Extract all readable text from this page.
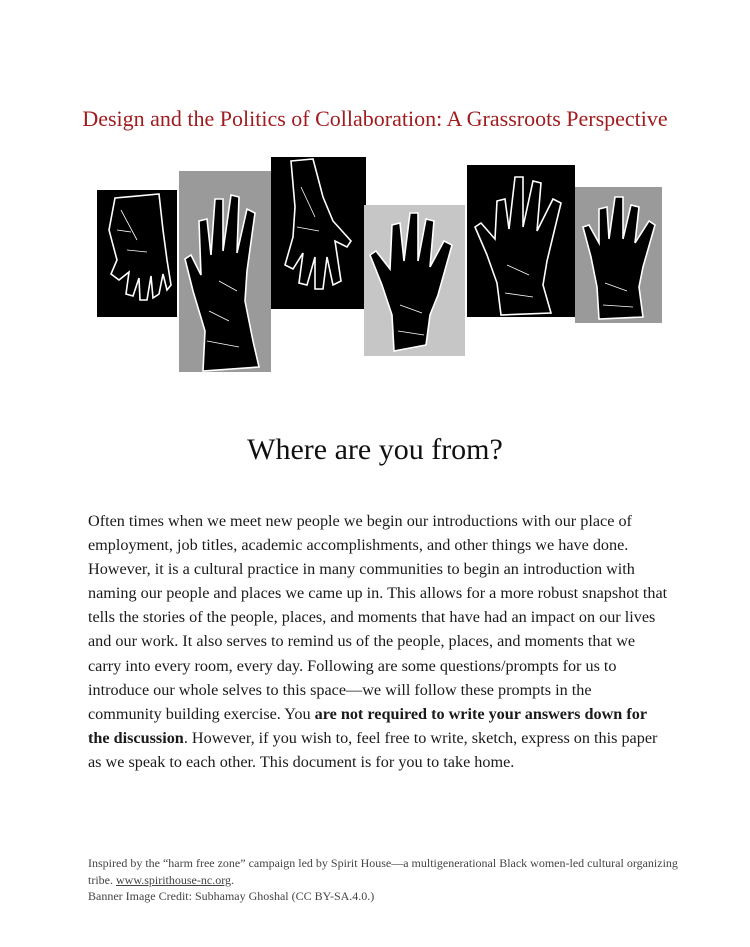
Design and the Politics of Collaboration: A Grassroots Perspective
Where are you from?

Often times when we meet new people we begin our introductions with our place of employment, job titles, academic accomplishments, and other things we have done. However, it is a cultural practice in many communities to begin an introduction with naming our people and places we came up in. This allows for a more robust snapshot that tells the stories of the people, places, and moments that have had an impact on our lives and our work. It also serves to remind us of the people, places, and moments that we carry into every room, every day. Following are some questions/prompts for us to introduce our whole selves to this space—we will follow these prompts in the community building exercise. You are not required to write your answers down for the discussion. However, if you wish to, feel free to write, sketch, express on this paper as we speak to each other. This document is for you to take home.

Inspired by the “harm free zone” campaign led by Spirit House—a multigenerational Black women-led cultural organizing tribe. www.spirithouse-nc.org.
Banner Image Credit: Subhamay Ghoshal (CC BY-SA.4.0.)
